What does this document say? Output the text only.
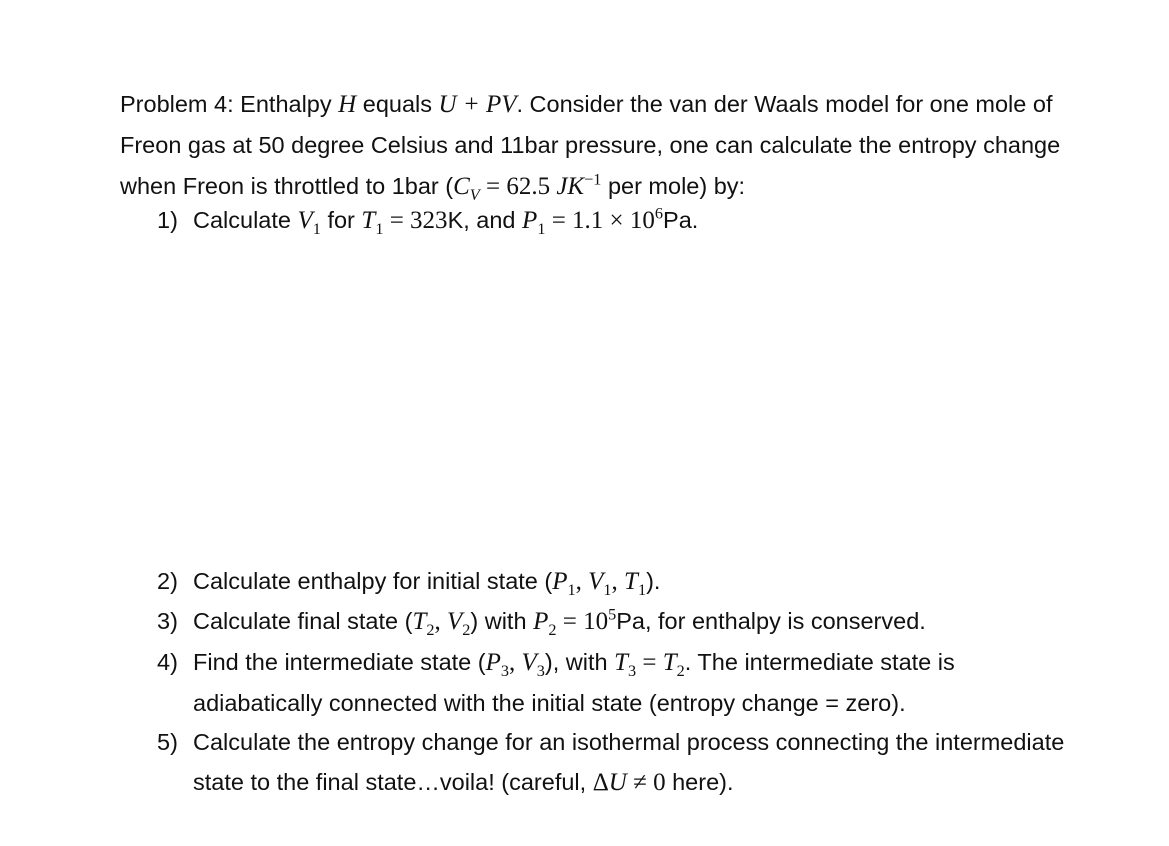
Problem 4: Enthalpy H equals U + PV. Consider the van der Waals model for one mole of Freon gas at 50 degree Celsius and 11bar pressure, one can calculate the entropy change when Freon is throttled to 1bar ($C_V = 62.5$ $JK^{-1}$ per mole) by:

1) Calculate $V_1$ for $T_1 = 323K$, and $P_1 = 1.1 \times 10^6Pa$.
2) Calculate enthalpy for initial state ($P_1$, $V_1$, $T_1$).
3) Calculate final state ($T_2$, $V_2$) with $P_2 = 10^5Pa$, for enthalpy is conserved.
4) Find the intermediate state ($P_3$, $V_3$), with $T_3 = T_2$. The intermediate state is adiabatically connected with the initial state (entropy change = zero).
5) Calculate the entropy change for an isothermal process connecting the intermediate state to the final state…voila! (careful, ΔU ≠ 0 here).
